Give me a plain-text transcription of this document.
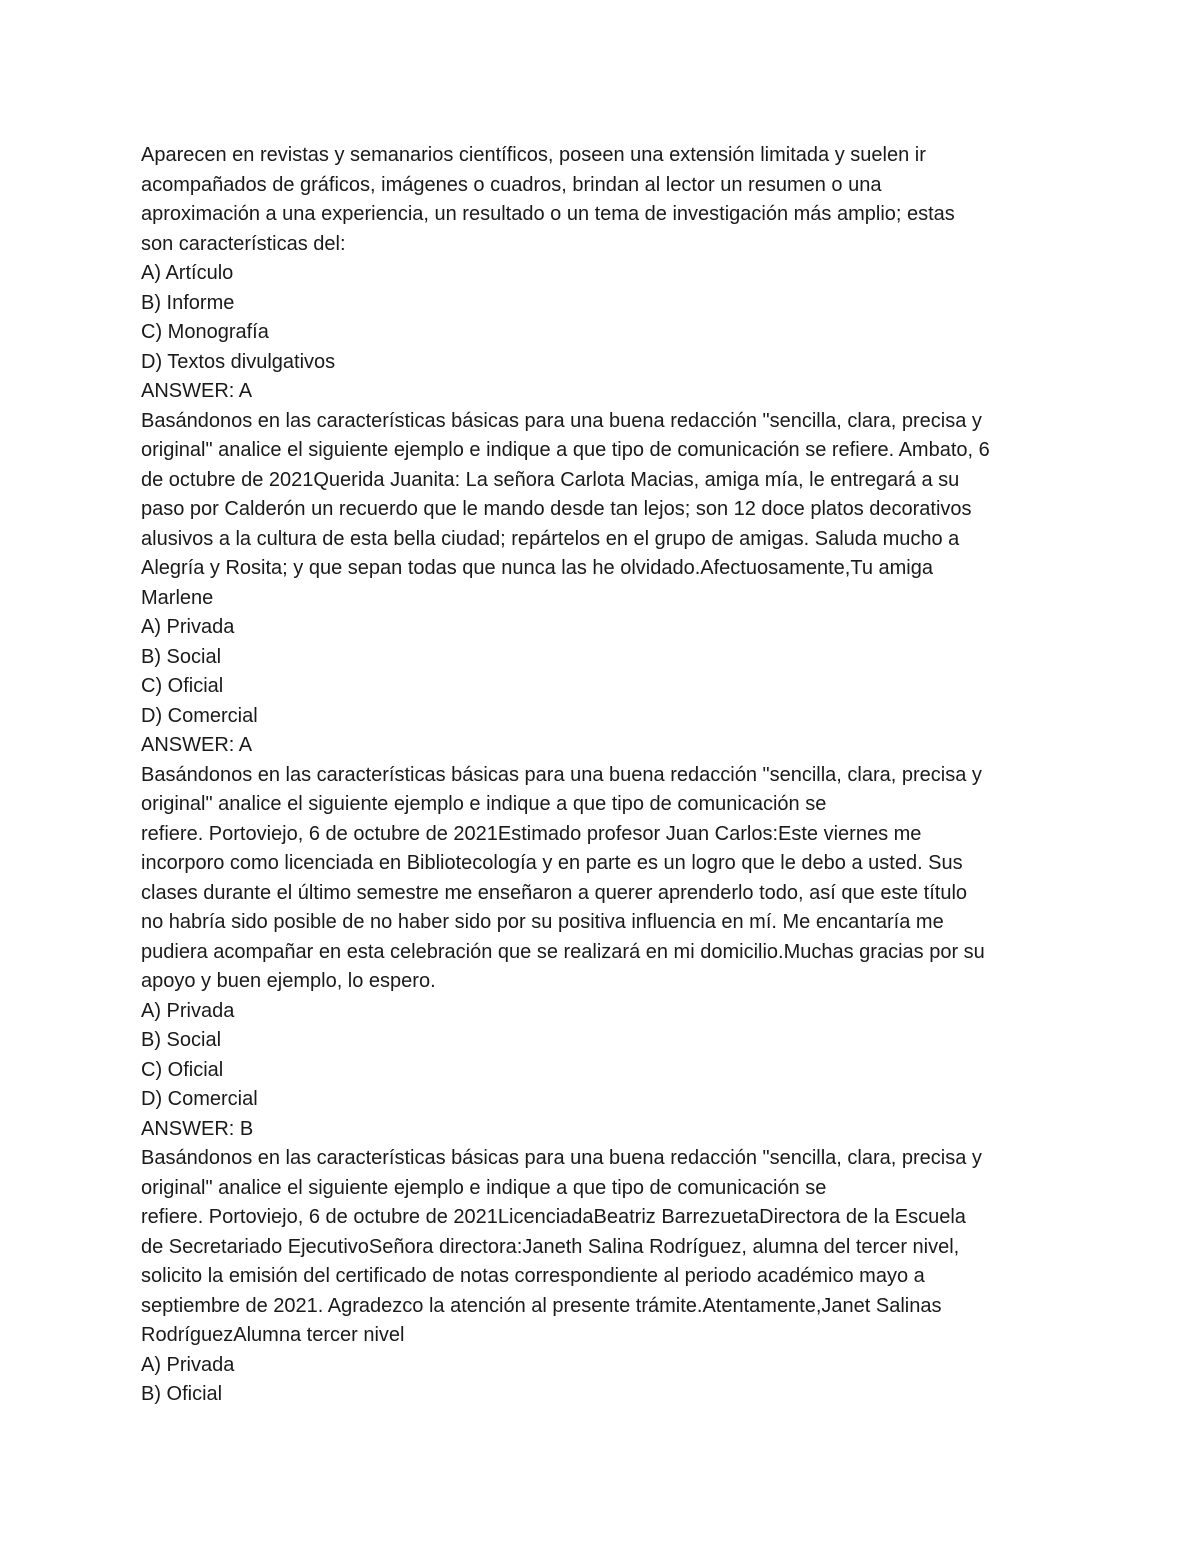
Aparecen en revistas y semanarios científicos, poseen una extensión limitada y suelen ir
acompañados de gráficos, imágenes o cuadros, brindan al lector un resumen o una
aproximación a una experiencia, un resultado o un tema de investigación más amplio; estas
son características del:
A) Artículo
B) Informe
C) Monografía
D) Textos divulgativos
ANSWER: A
Basándonos en las características básicas para una buena redacción "sencilla, clara, precisa y
original" analice el siguiente ejemplo e indique a que tipo de comunicación se refiere. Ambato, 6
de octubre de 2021Querida Juanita: La señora Carlota Macias, amiga mía, le entregará a su
paso por Calderón un recuerdo que le mando desde tan lejos; son 12 doce platos decorativos
alusivos a la cultura de esta bella ciudad; repártelos en el grupo de amigas. Saluda mucho a
Alegría y Rosita; y que sepan todas que nunca las he olvidado.Afectuosamente,Tu amiga
Marlene
A) Privada
B) Social
C) Oficial
D) Comercial
ANSWER: A
Basándonos en las características básicas para una buena redacción "sencilla, clara, precisa y
original" analice el siguiente ejemplo e indique a que tipo de comunicación se
refiere. Portoviejo, 6 de octubre de 2021Estimado profesor Juan Carlos:Este viernes me
incorporo como licenciada en Bibliotecología y en parte es un logro que le debo a usted. Sus
clases durante el último semestre me enseñaron a querer aprenderlo todo, así que este título
no habría sido posible de no haber sido por su positiva influencia en mí. Me encantaría me
pudiera acompañar en esta celebración que se realizará en mi domicilio.Muchas gracias por su
apoyo y buen ejemplo, lo espero.
A) Privada
B) Social
C) Oficial
D) Comercial
ANSWER: B
Basándonos en las características básicas para una buena redacción "sencilla, clara, precisa y
original" analice el siguiente ejemplo e indique a que tipo de comunicación se
refiere. Portoviejo, 6 de octubre de 2021LicenciadaBeatriz BarrezuetaDirectora de la Escuela
de Secretariado EjecutivoSeñora directora:Janeth Salina Rodríguez, alumna del tercer nivel,
solicito la emisión del certificado de notas correspondiente al periodo académico mayo a
septiembre de 2021. Agradezco la atención al presente trámite.Atentamente,Janet Salinas
RodríguezAlumna tercer nivel
A) Privada
B) Oficial
